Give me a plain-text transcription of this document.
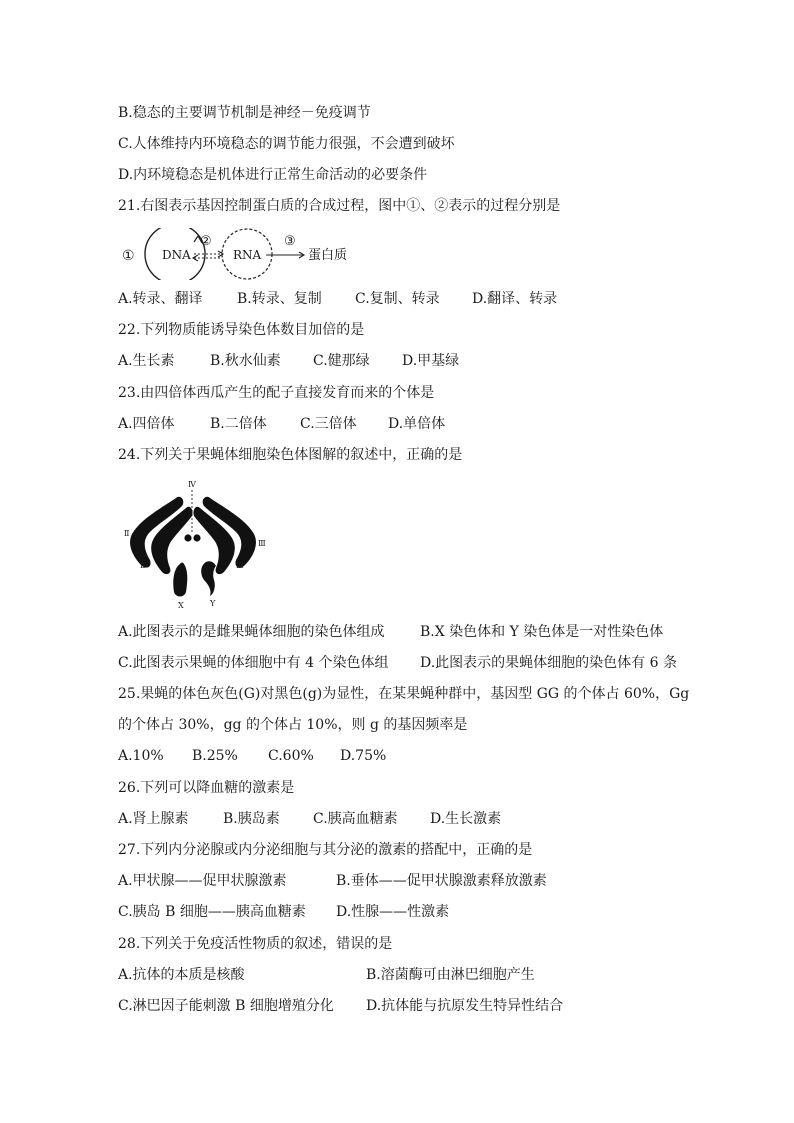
B.稳态的主要调节机制是神经－免疫调节
C.人体维持内环境稳态的调节能力很强，不会遭到破坏
D.内环境稳态是机体进行正常生命活动的必要条件
21.右图表示基因控制蛋白质的合成过程，图中①、②表示的过程分别是
① DNA
②
RNA
③
蛋白质
A.转录、翻译 B.转录、复制 C.复制、转录 D.翻译、转录
22.下列物质能诱导染色体数目加倍的是
A.生长素	B.秋水仙素 C.健那绿 D.甲基绿
23.由四倍体西瓜产生的配子直接发育而来的个体是
A.四倍体	B.二倍体 C.三倍体 D.单倍体
24.下列关于果蝇体细胞染色体图解的叙述中，正确的是
Ⅳ
Ⅱ
Ⅱ
Ⅲ
Ⅲ
X	Y
A.此图表示的是雌果蝇体细胞的染色体组成	B.X 染色体和 Y 染色体是一对性染色体
C.此图表示果蝇的体细胞中有 4 个染色体组 D.此图表示的果蝇体细胞的染色体有 6 条
25.果蝇的体色灰色(G)对黑色(g)为显性，在某果蝇种群中，基因型 GG 的个体占 60%，Gg
的个体占 30%，gg 的个体占 10%，则 g 的基因频率是
A.10% B.25% C.60% D.75%
26.下列可以降血糖的激素是
A.肾上腺素 B.胰岛素 C.胰高血糖素 D.生长激素
27.下列内分泌腺或内分泌细胞与其分泌的激素的搭配中，正确的是
A.甲状腺——促甲状腺激素	B.垂体——促甲状腺激素释放激素
C.胰岛 B 细胞——胰高血糖素 D.性腺——性激素
28.下列关于免疫活性物质的叙述，错误的是
A.抗体的本质是核酸	B.溶菌酶可由淋巴细胞产生
C.淋巴因子能刺激 B 细胞增殖分化 D.抗体能与抗原发生特异性结合
